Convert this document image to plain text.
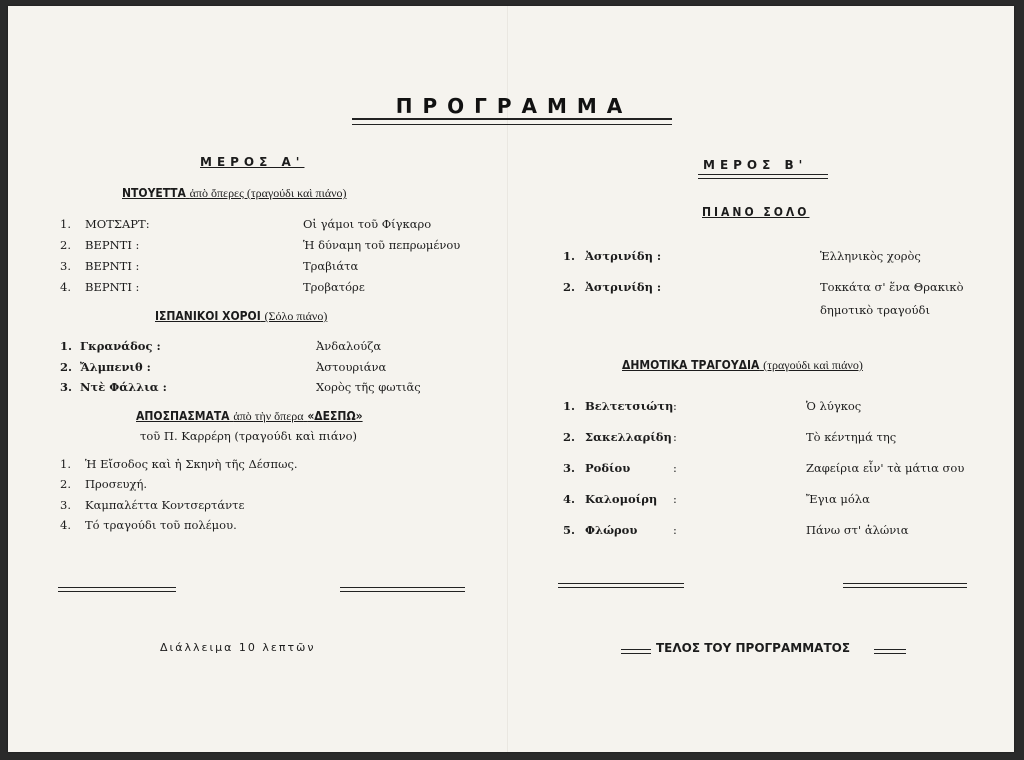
ΠΡΟΓΡΑΜΜΑ
ΜΕΡΟΣ Α'
ΝΤΟΥΕΤΤΑ ἀπὸ ὄπερες (τραγούδι καὶ πιάνο)
1. ΜΟΤΣΑΡΤ:	Οἱ γάμοι τοῦ Φίγκαρο
2. ΒΕΡΝΤΙ :	Ἡ δύναμη τοῦ πεπρωμένου
3. ΒΕΡΝΤΙ :	Τραβιάτα
4. ΒΕΡΝΤΙ :	Τροβατόρε
ΙΣΠΑΝΙΚΟΙ ΧΟΡΟΙ (Σόλο πιάνο)
1. Γκρανάδος :	Ἀνδαλούζα
2. Ἄλμπενιθ :	Ἀστουριάνα
3. Ντὲ Φάλλια :	Χορὸς τῆς φωτιᾶς
ΑΠΟΣΠΑΣΜΑΤΑ ἀπὸ τὴν ὄπερα «ΔΕΣΠΩ»
τοῦ Π. Καρρέρη (τραγούδι καὶ πιάνο)
1. Ἡ Εἴσοδος καὶ ἡ Σκηνὴ τῆς Δέσπως.
2. Προσευχή.
3. Καμπαλέττα Κοντσερτάντε
4. Τό τραγούδι τοῦ πολέμου.
Διάλλειμα 10 λεπτῶν
ΜΕΡΟΣ Β'
ΠΙΑΝΟ ΣΟΛΟ
1. Ἀστρινίδη :	Ἑλληνικὸς χορὸς
2. Ἀστρινίδη :	Τοκκάτα σ' ἕνα Θρακικὸ
δημοτικὸ τραγούδι
ΔΗΜΟΤΙΚΑ ΤΡΑΓΟΥΔΙΑ (τραγούδι καὶ πιάνο)
1. Βελτετσιώτη :	Ὁ λύγκος
2. Σακελλαρίδη :	Τὸ κέντημά της
3. Ροδίου	:	Ζαφείρια εἶν' τὰ μάτια σου
4. Καλομοίρη :	Ἔγια μόλα
5. Φλώρου	:	Πάνω στ' ἁλώνια
ΤΕΛΟΣ ΤΟΥ ΠΡΟΓΡΑΜΜΑΤΟΣ
